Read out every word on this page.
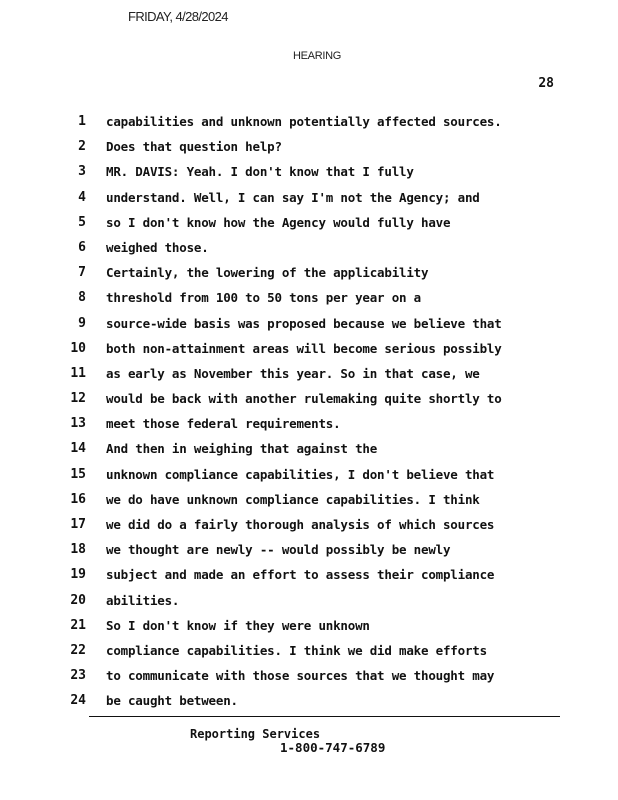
FRIDAY, 4/28/2024
HEARING
28
1 capabilities and unknown potentially affected sources.
2 Does that question help?
3 MR. DAVIS: Yeah. I don't know that I fully
4 understand. Well, I can say I'm not the Agency; and
5 so I don't know how the Agency would fully have
6 weighed those.
7 Certainly, the lowering of the applicability
8 threshold from 100 to 50 tons per year on a
9 source-wide basis was proposed because we believe that
10 both non-attainment areas will become serious possibly
11 as early as November this year. So in that case, we
12 would be back with another rulemaking quite shortly to
13 meet those federal requirements.
14 And then in weighing that against the
15 unknown compliance capabilities, I don't believe that
16 we do have unknown compliance capabilities. I think
17 we did do a fairly thorough analysis of which sources
18 we thought are newly -- would possibly be newly
19 subject and made an effort to assess their compliance
20 abilities.
21 So I don't know if they were unknown
22 compliance capabilities. I think we did make efforts
23 to communicate with those sources that we thought may
24 be caught between.
Reporting Services
1-800-747-6789
